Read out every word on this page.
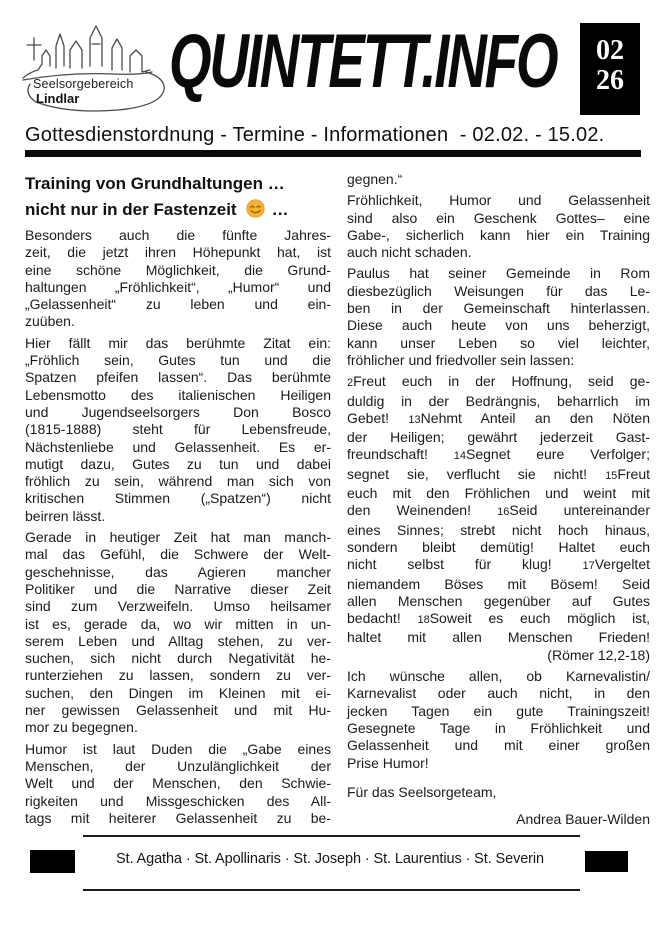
Seelsorgebereich
Lindlar QUINTETT.INFO	02
26
Gottesdienstordnung - Termine - Informationen  - 02.02. - 15.02.
Training von Grundhaltungen …
nicht nur in der Fastenzeit …
Besonders auch die fünfte Jahres-
zeit, die jetzt ihren Höhepunkt hat, ist
eine schöne Möglichkeit, die Grund-
haltungen „Fröhlichkeit“, „Humor“ und
„Gelassenheit“ zu leben und ein-
zuüben.
Hier fällt mir das berühmte Zitat ein:
„Fröhlich sein, Gutes tun und die
Spatzen pfeifen lassen“. Das berühmte
Lebensmotto des italienischen Heiligen
und Jugendseelsorgers Don Bosco
(1815-1888) steht für Lebensfreude,
Nächstenliebe und Gelassenheit. Es er-
mutigt dazu, Gutes zu tun und dabei
fröhlich zu sein, während man sich von
kritischen Stimmen („Spatzen“) nicht
beirren lässt.
Gerade in heutiger Zeit hat man manch-
mal das Gefühl, die Schwere der Welt-
geschehnisse, das Agieren mancher
Politiker und die Narrative dieser Zeit
sind zum Verzweifeln. Umso heilsamer
ist es, gerade da, wo wir mitten in un-
serem Leben und Alltag stehen, zu ver-
suchen, sich nicht durch Negativität he-
runterziehen zu lassen, sondern zu ver-
suchen, den Dingen im Kleinen mit ei-
ner gewissen Gelassenheit und mit Hu-
mor zu begegnen.
Humor ist laut Duden die „Gabe eines
Menschen, der Unzulänglichkeit der
Welt und der Menschen, den Schwie-
rigkeiten und Missgeschicken des All-
tags mit heiterer Gelassenheit zu be-
gegnen.“
Fröhlichkeit, Humor und Gelassenheit
sind also ein Geschenk Gottes– eine
Gabe-, sicherlich kann hier ein Training
auch nicht schaden.
Paulus hat seiner Gemeinde in Rom
diesbezüglich Weisungen für das Le-
ben in der Gemeinschaft hinterlassen.
Diese auch heute von uns beherzigt,
kann unser Leben so viel leichter,
fröhlicher und friedvoller sein lassen:
2Freut euch in der Hoffnung, seid ge-
duldig in der Bedrängnis, beharrlich im
Gebet! 13Nehmt Anteil an den Nöten
der Heiligen; gewährt jederzeit Gast-
freundschaft! 14Segnet eure Verfolger;
segnet sie, verflucht sie nicht! 15Freut
euch mit den Fröhlichen und weint mit
den Weinenden! 16Seid untereinander
eines Sinnes; strebt nicht hoch hinaus,
sondern bleibt demütig! Haltet euch
nicht selbst für klug! 17Vergeltet
niemandem Böses mit Bösem! Seid
allen Menschen gegenüber auf Gutes
bedacht! 18Soweit es euch möglich ist,
haltet mit allen Menschen Frieden!
(Römer 12,2-18)
Ich wünsche allen, ob Karnevalistin/
Karnevalist oder auch nicht, in den
jecken Tagen ein gute Trainingszeit!
Gesegnete Tage in Fröhlichkeit und
Gelassenheit und mit einer großen
Prise Humor!
Für das Seelsorgeteam,
Andrea Bauer-Wilden
St. Agatha · St. Apollinaris · St. Joseph · St. Laurentius · St. Severin
